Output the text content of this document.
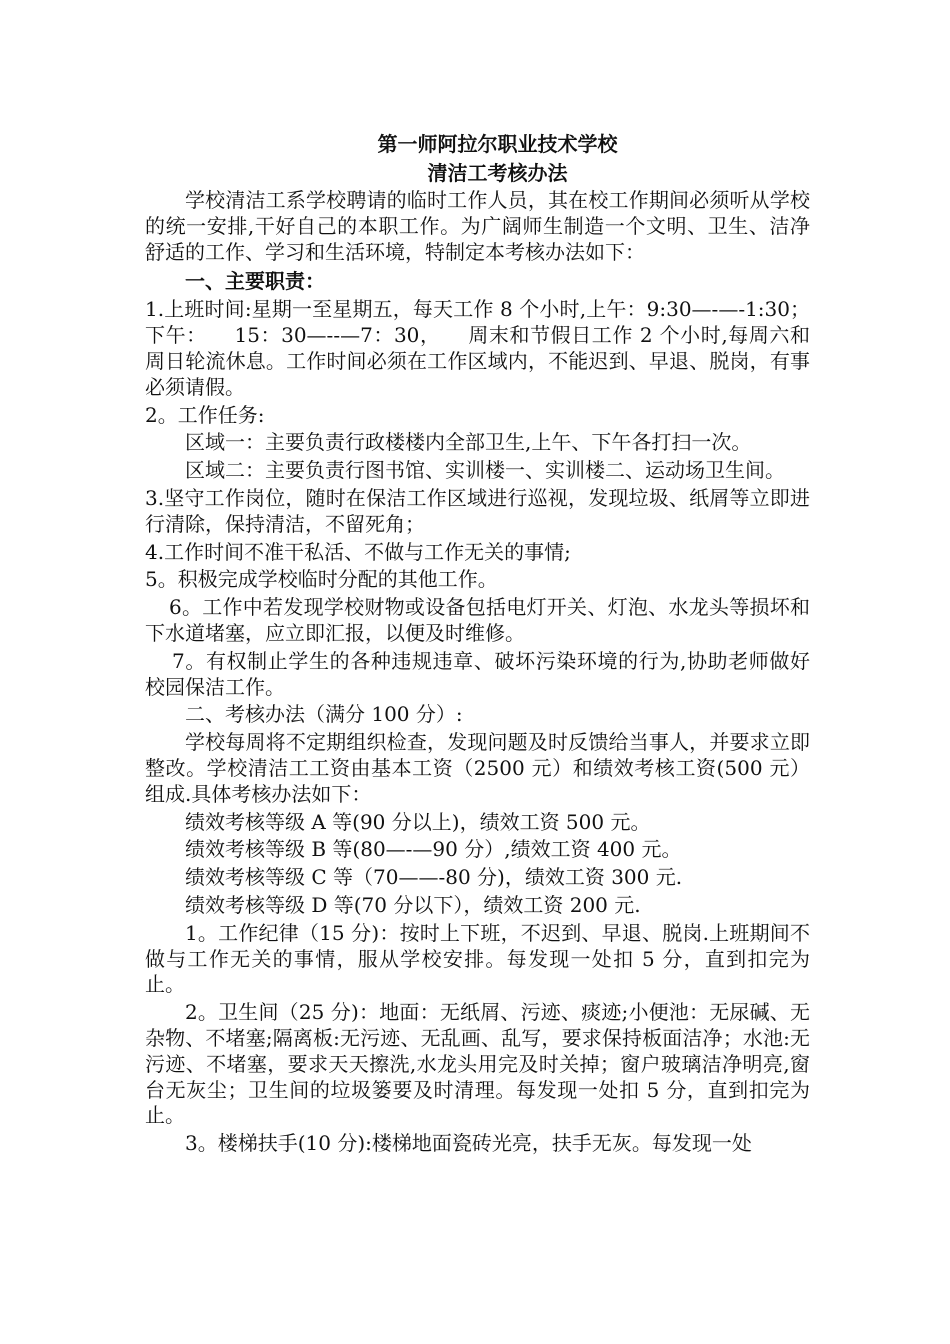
第一师阿拉尔职业技术学校
清洁工考核办法

学校清洁工系学校聘请的临时工作人员，其在校工作期间必须听从学校的统一安排,干好自己的本职工作。为广阔师生制造一个文明、卫生、洁净舒适的工作、学习和生活环境，特制定本考核办法如下：

一、主要职责：

1.上班时间:星期一至星期五，每天工作 8 个小时,上午：9:30—-—-1:30；下午：    15：30—--—7：30，    周末和节假日工作 2 个小时,每周六和周日轮流休息。工作时间必须在工作区域内，不能迟到、早退、脱岗，有事必须请假。

2。工作任务:

区域一：主要负责行政楼楼内全部卫生,上午、下午各打扫一次。

区域二：主要负责行图书馆、实训楼一、实训楼二、运动场卫生间。

3.坚守工作岗位，随时在保洁工作区域进行巡视，发现垃圾、纸屑等立即进行清除，保持清洁，不留死角；

4.工作时间不准干私活、不做与工作无关的事情;

5。积极完成学校临时分配的其他工作。

6。工作中若发现学校财物或设备包括电灯开关、灯泡、水龙头等损坏和下水道堵塞，应立即汇报，以便及时维修。

7。有权制止学生的各种违规违章、破坏污染环境的行为,协助老师做好校园保洁工作。

二、考核办法（满分 100 分）:

学校每周将不定期组织检查，发现问题及时反馈给当事人，并要求立即整改。学校清洁工工资由基本工资（2500 元）和绩效考核工资(500 元）组成.具体考核办法如下：

绩效考核等级 A 等(90 分以上)，绩效工资 500 元。

绩效考核等级 B 等(80—-—90 分）,绩效工资 400 元。

绩效考核等级 C 等（70——-80 分)，绩效工资 300 元.

绩效考核等级 D 等(70 分以下），绩效工资 200 元.

1。工作纪律（15 分)：按时上下班，不迟到、早退、脱岗.上班期间不做与工作无关的事情，服从学校安排。每发现一处扣 5 分，直到扣完为止。

2。卫生间（25 分)：地面：无纸屑、污迹、痰迹;小便池：无尿碱、无杂物、不堵塞;隔离板:无污迹、无乱画、乱写，要求保持板面洁净；水池:无污迹、不堵塞，要求天天擦洗,水龙头用完及时关掉；窗户玻璃洁净明亮,窗台无灰尘；卫生间的垃圾篓要及时清理。每发现一处扣 5 分，直到扣完为止。

3。楼梯扶手(10 分):楼梯地面瓷砖光亮，扶手无灰。每发现一处
